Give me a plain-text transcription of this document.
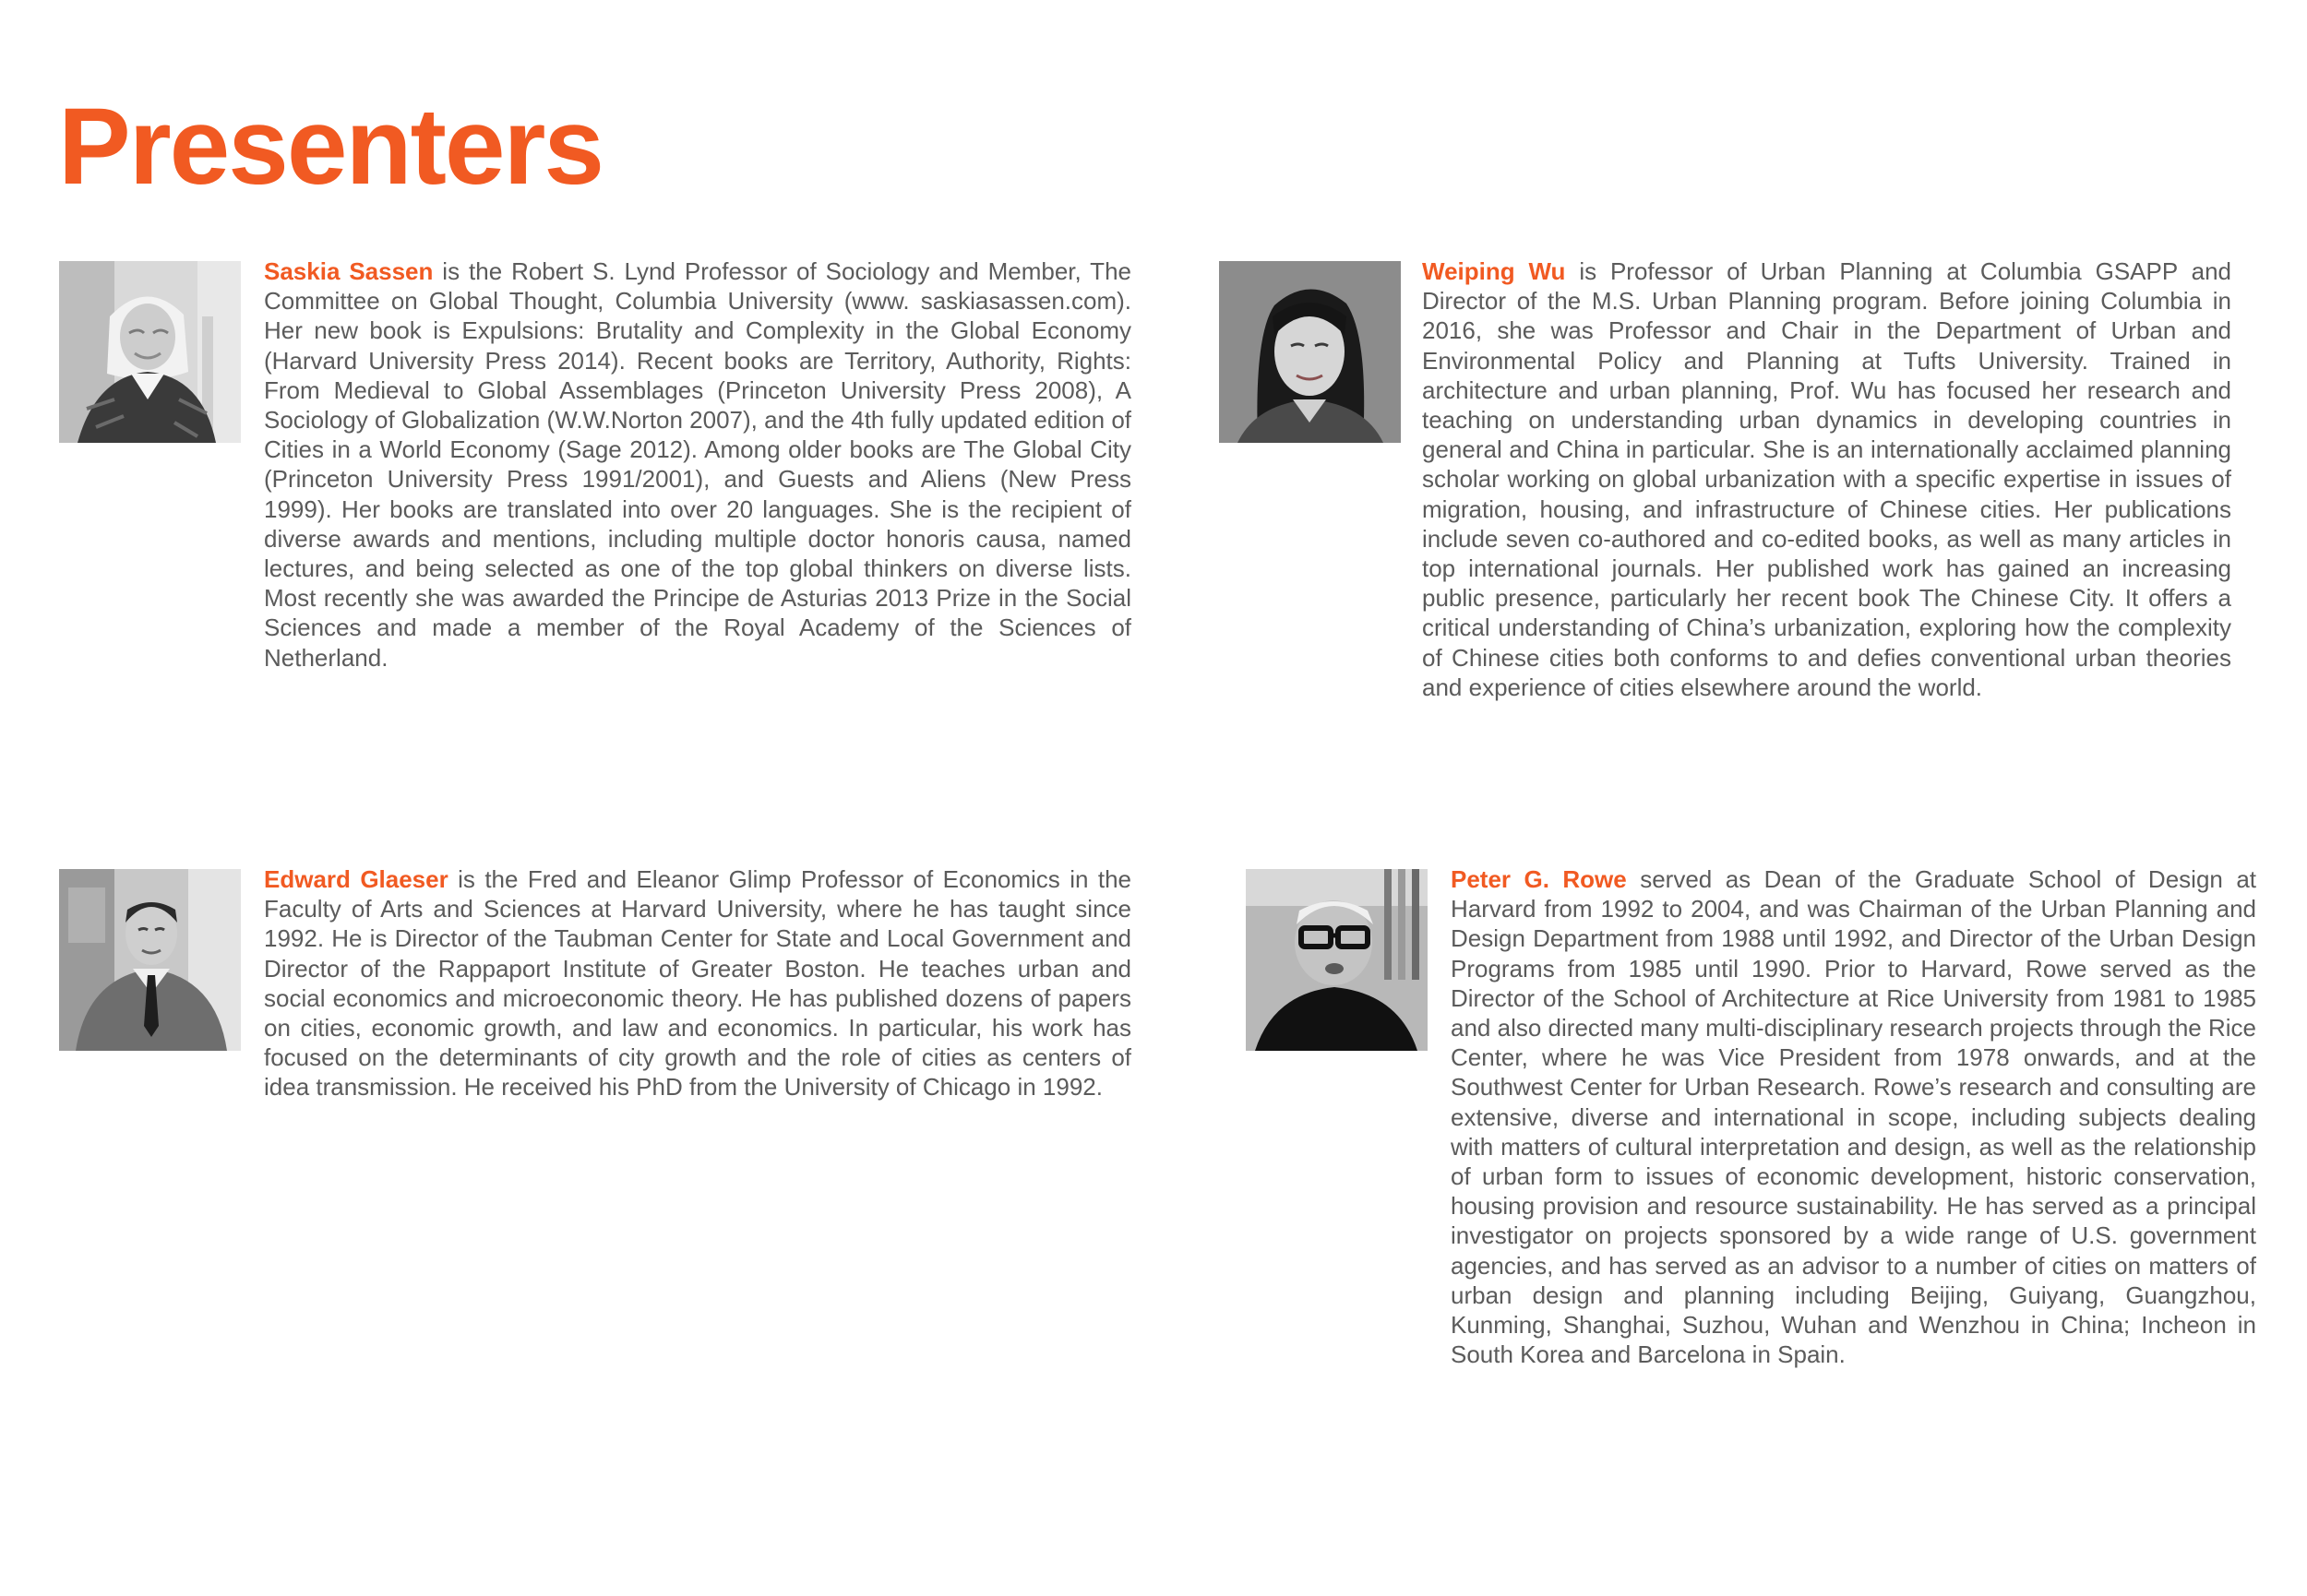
Presenters

Saskia Sassen is the Robert S. Lynd Professor of Sociology and Member, The Committee on Global Thought, Columbia University (www. saskiasassen.com). Her new book is Expulsions: Brutality and Complexity in the Global Economy (Harvard University Press 2014). Recent books are Territory, Authority, Rights: From Medieval to Global Assemblages (Princeton University Press 2008), A Sociology of Globalization (W.W.Norton 2007), and the 4th fully updated edition of Cities in a World Economy (Sage 2012). Among older books are The Global City (Princeton University Press 1991/2001), and Guests and Aliens (New Press 1999). Her books are translated into over 20 languages. She is the recipient of diverse awards and mentions, including multiple doctor honoris causa, named lectures, and being selected as one of the top global thinkers on diverse lists. Most recently she was awarded the Principe de Asturias 2013 Prize in the Social Sciences and made a member of the Royal Academy of the Sciences of Netherland.

Weiping Wu is Professor of Urban Planning at Columbia GSAPP and Director of the M.S. Urban Planning program. Before joining Columbia in 2016, she was Professor and Chair in the Department of Urban and Environmental Policy and Planning at Tufts University. Trained in architecture and urban planning, Prof. Wu has focused her research and teaching on understanding urban dynamics in developing countries in general and China in particular. She is an internationally acclaimed planning scholar working on global urbanization with a specific expertise in issues of migration, housing, and infrastructure of Chinese cities. Her publications include seven co-authored and co-edited books, as well as many articles in top international journals. Her published work has gained an increasing public presence, particularly her recent book The Chinese City. It offers a critical understanding of China’s urbanization, exploring how the complexity of Chinese cities both conforms to and defies conventional urban theories and experience of cities elsewhere around the world.

Edward Glaeser is the Fred and Eleanor Glimp Professor of Economics in the Faculty of Arts and Sciences at Harvard University, where he has taught since 1992. He is Director of the Taubman Center for State and Local Government and Director of the Rappaport Institute of Greater Boston. He teaches urban and social economics and microeconomic theory. He has published dozens of papers on cities, economic growth, and law and economics. In particular, his work has focused on the determinants of city growth and the role of cities as centers of idea transmission. He received his PhD from the University of Chicago in 1992.

Peter G. Rowe served as Dean of the Graduate School of Design at Harvard from 1992 to 2004, and was Chairman of the Urban Planning and Design Department from 1988 until 1992, and Director of the Urban Design Programs from 1985 until 1990. Prior to Harvard, Rowe served as the Director of the School of Architecture at Rice University from 1981 to 1985 and also directed many multi-disciplinary research projects through the Rice Center, where he was Vice President from 1978 onwards, and at the Southwest Center for Urban Research. Rowe’s research and consulting are extensive, diverse and international in scope, including subjects dealing with matters of cultural interpretation and design, as well as the relationship of urban form to issues of economic development, historic conservation, housing provision and resource sustainability. He has served as a principal investigator on projects sponsored by a wide range of U.S. government agencies, and has served as an advisor to a number of cities on matters of urban design and planning including Beijing, Guiyang, Guangzhou, Kunming, Shanghai, Suzhou, Wuhan and Wenzhou in China; Incheon in South Korea and Barcelona in Spain.
